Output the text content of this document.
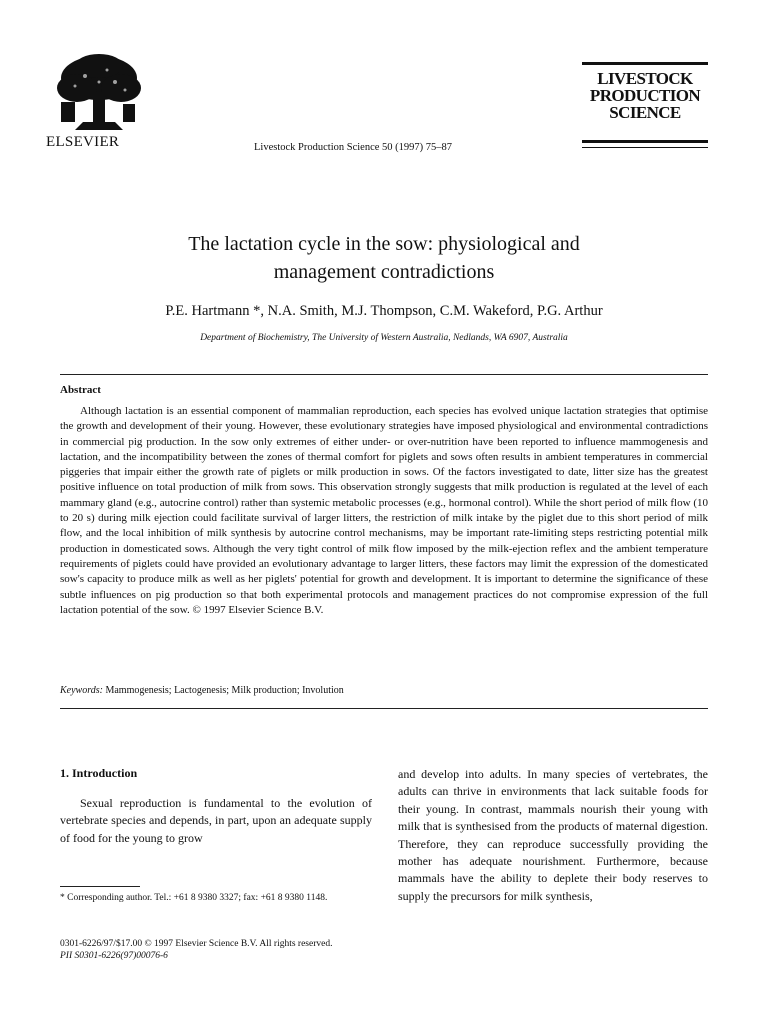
ELSEVIER	Livestock Production Science 50 (1997) 75–87
LIVESTOCK
PRODUCTION
SCIENCE
The lactation cycle in the sow: physiological and
management contradictions
P.E. Hartmann *, N.A. Smith, M.J. Thompson, C.M. Wakeford, P.G. Arthur
Department of Biochemistry, The University of Western Australia, Nedlands, WA 6907, Australia
Abstract
Although lactation is an essential component of mammalian reproduction, each species has evolved unique lactation strategies that optimise the growth and development of their young. However, these evolutionary strategies have imposed physiological and environmental contradictions in commercial pig production. In the sow only extremes of either under- or over-nutrition have been reported to influence mammogenesis and lactation, and the incompatibility between the zones of thermal comfort for piglets and sows often results in ambient temperatures in commercial piggeries that impair either the growth rate of piglets or milk production in sows. Of the factors investigated to date, litter size has the greatest positive influence on total production of milk from sows. This observation strongly suggests that milk production is regulated at the level of each mammary gland (e.g., autocrine control) rather than systemic metabolic processes (e.g., hormonal control). While the short period of milk flow (10 to 20 s) during milk ejection could facilitate survival of larger litters, the restriction of milk intake by the piglet due to this short period of milk flow, and the local inhibition of milk synthesis by autocrine control mechanisms, may be important rate-limiting steps restricting potential milk production in domesticated sows. Although the very tight control of milk flow imposed by the milk-ejection reflex and the ambient temperature requirements of piglets could have provided an evolutionary advantage to larger litters, these factors may limit the expression of the domesticated sow's capacity to produce milk as well as her piglets' potential for growth and development. It is important to determine the significance of these subtle influences on pig production so that both experimental protocols and management practices do not compromise expression of the full lactation potential of the sow. © 1997 Elsevier Science B.V.
Keywords: Mammogenesis; Lactogenesis; Milk production; Involution
1. Introduction

Sexual reproduction is fundamental to the evolution of vertebrate species and depends, in part, upon an adequate supply of food for the young to grow

and develop into adults. In many species of vertebrates, the adults can thrive in environments that lack suitable foods for their young. In contrast, mammals nourish their young with milk that is synthesised from the products of maternal digestion. Therefore, they can reproduce successfully providing the mother has adequate nourishment. Furthermore, because mammals have the ability to deplete their body reserves to supply the precursors for milk synthesis,

* Corresponding author. Tel.: +61 8 9380 3327; fax: +61 8 9380 1148.
0301-6226/97/$17.00 © 1997 Elsevier Science B.V. All rights reserved.
PII S0301-6226(97)00076-6
